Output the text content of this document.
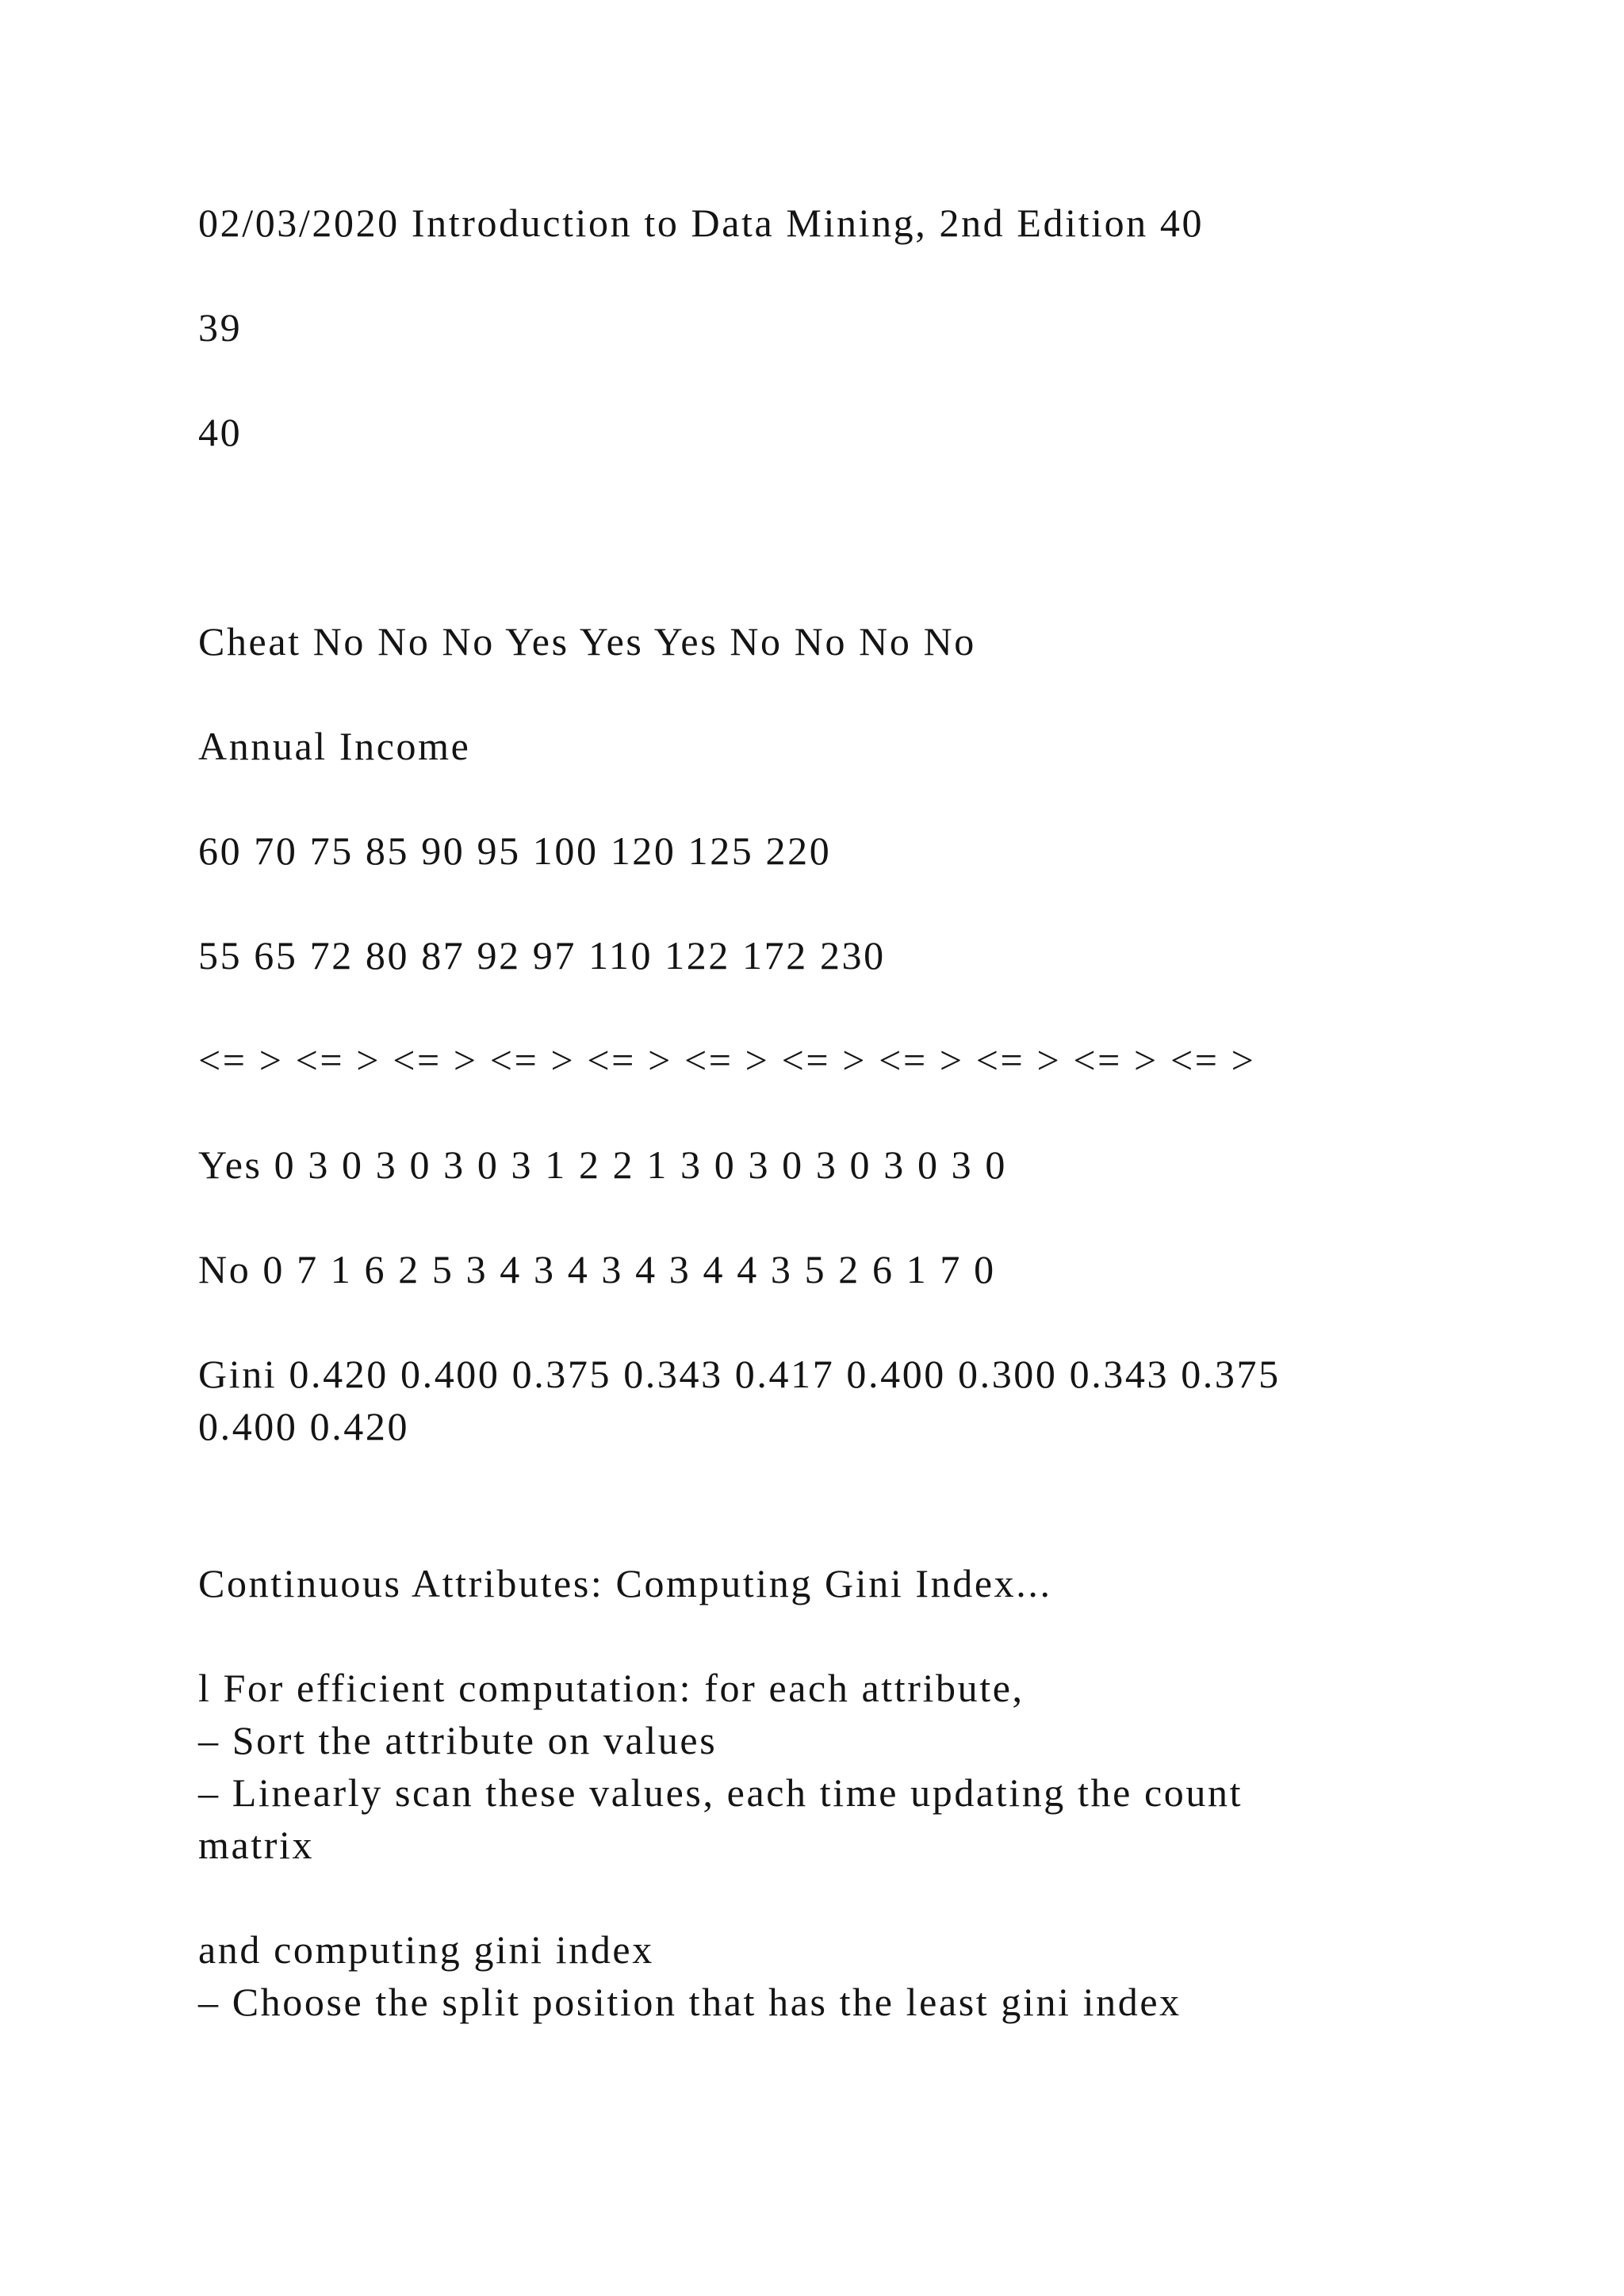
02/03/2020 Introduction to Data Mining, 2nd Edition 40

39

40

Cheat No No No Yes Yes Yes No No No No

Annual Income

60 70 75 85 90 95 100 120 125 220

55 65 72 80 87 92 97 110 122 172 230

<= > <= > <= > <= > <= > <= > <= > <= > <= > <= > <= >

Yes 0 3 0 3 0 3 0 3 1 2 2 1 3 0 3 0 3 0 3 0 3 0

No 0 7 1 6 2 5 3 4 3 4 3 4 3 4 4 3 5 2 6 1 7 0

Gini 0.420 0.400 0.375 0.343 0.417 0.400 0.300 0.343 0.375

0.400 0.420

Continuous Attributes: Computing Gini Index...

l For efficient computation: for each attribute,

– Sort the attribute on values

– Linearly scan these values, each time updating the count

matrix

and computing gini index

– Choose the split position that has the least gini index
